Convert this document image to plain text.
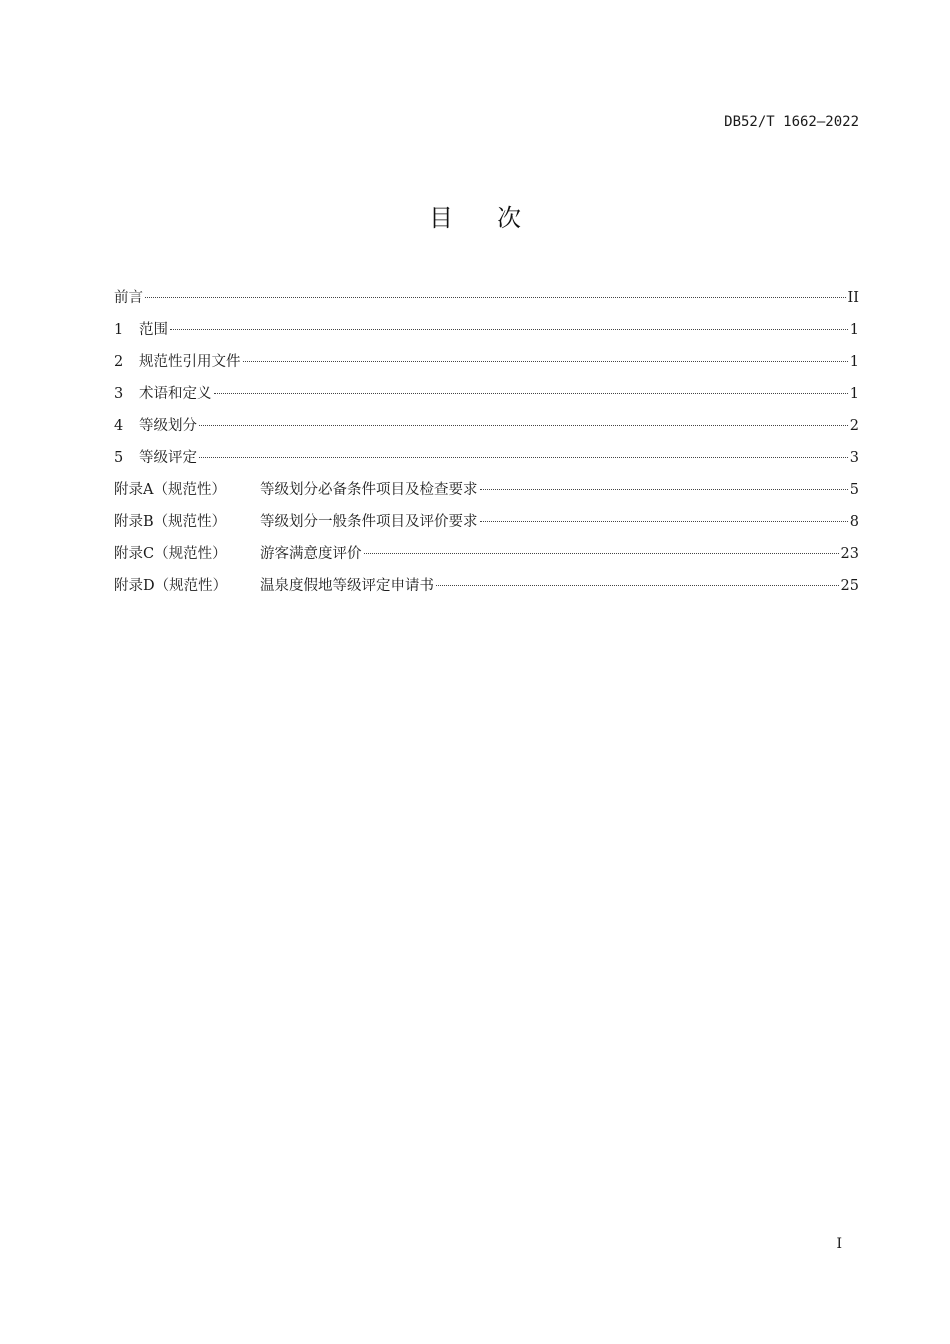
DB52/T 1662—2022
目次
前言	II
1	范围	1
2	规范性引用文件	1
3	术语和定义	1
4	等级划分	2
5	等级评定	3
附录A（规范性）	等级划分必备条件项目及检查要求	5
附录B（规范性）	等级划分一般条件项目及评价要求	8
附录C（规范性）	游客满意度评价	23
附录D（规范性）	温泉度假地等级评定申请书	25
I
